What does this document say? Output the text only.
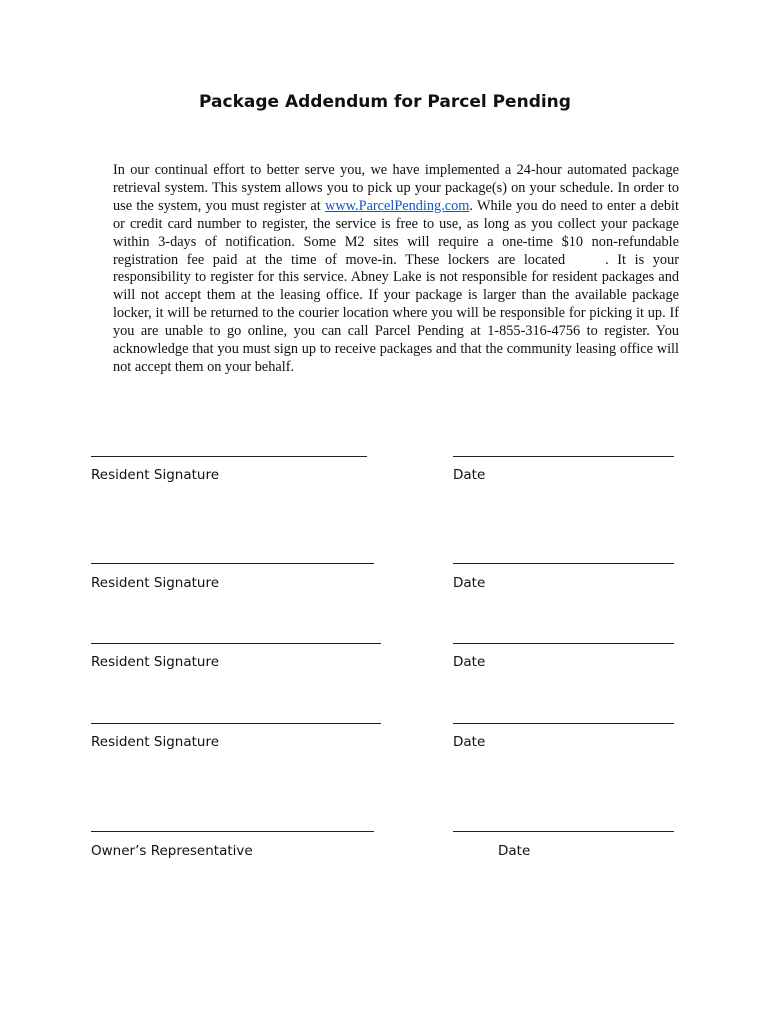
Package Addendum for Parcel Pending
In our continual effort to better serve you, we have implemented a 24-hour automated package retrieval system. This system allows you to pick up your package(s) on your schedule. In order to use the system, you must register at www.ParcelPending.com. While you do need to enter a debit or credit card number to register, the service is free to use, as long as you collect your package within 3-days of notification. Some M2 sites will require a one-time $10 non-refundable registration fee paid at the time of move-in. These lockers are located	. It is your responsibility to register for this service. Abney Lake is not responsible for resident packages and will not accept them at the leasing office. If your package is larger than the available package locker, it will be returned to the courier location where you will be responsible for picking it up. If you are unable to go online, you can call Parcel Pending at 1-855-316-4756 to register. You acknowledge that you must sign up to receive packages and that the community leasing office will not accept them on your behalf.
Resident Signature	Date
Resident Signature	Date
Resident Signature	Date
Resident Signature	Date
Owner’s Representative	Date
